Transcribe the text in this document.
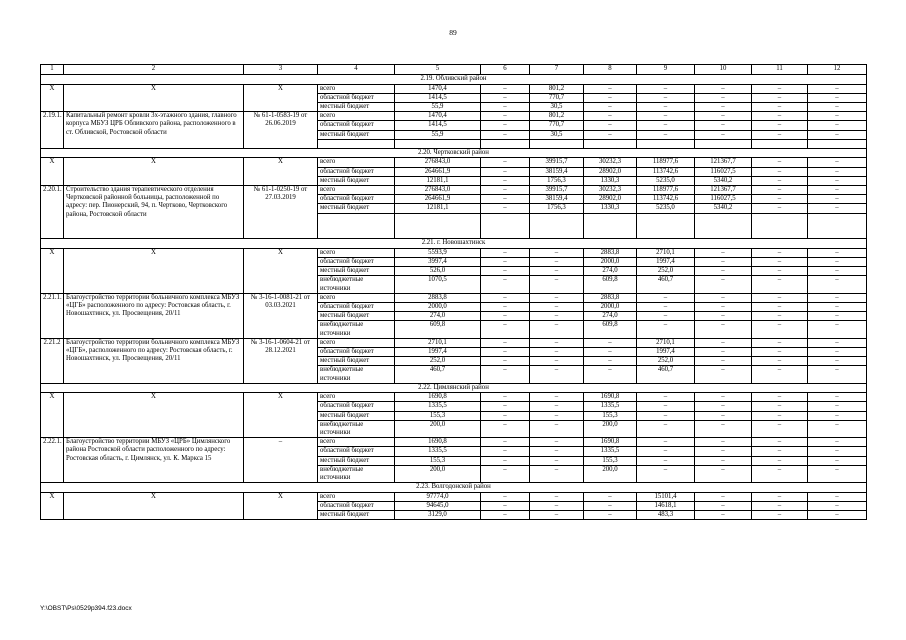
89
1	2	3	4	5	6	7	8	9	10	11	12
2.19. Обливский район											
Х	Х	Х	всего	1470,4	–	801,2	–	–	–	–	–
			областной бюджет	1414,5	–	770,7	–	–	–	–	–
			местный бюджет	55,9	–	30,5	–	–	–	–	–
2.19.1.	Капитальный ремонт кровли 3х-этажного здания, главного корпуса МБУЗ ЦРБ Обливского района, расположенного в ст. Обливской, Ростовской области	№ 61-1-0583-19 от 26.06.2019	всего	1470,4	–	801,2	–	–	–	–	–
			областной бюджет	1414,5	–	770,7	–	–	–	–	–
			местный бюджет	55,9	–	30,5	–	–	–	–	–

2.20. Чертковский район											
Х	Х	Х	всего	276843,0	–	39915,7	30232,3	118977,6	121367,7	–	–
			областной бюджет	264661,9	–	38159,4	28902,0	113742,6	116027,5	–	–
			местный бюджет	12181,1	–	1756,3	1330,3	5235,0	5340,2	–	–
2.20.1.	Строительство здания терапевтического отделения Чертковской районной больницы, расположенной по адресу: пер. Пионерский, 94, п. Чертково, Чертковского района, Ростовской области	№ 61-1-0250-19 от 27.03.2019	всего	276843,0	–	39915,7	30232,3	118977,6	121367,7	–	–
			областной бюджет	264661,9	–	38159,4	28902,0	113742,6	116027,5	–	–
			местный бюджет	12181,1	–	1756,3	1330,3	5235,0	5340,2	–	–

2.21. г. Новошахтинск											
Х	Х	Х	всего	5593,9	–	–	2883,8	2710,1	–	–	–
			областной бюджет	3997,4	–	–	2000,0	1997,4	–	–	–
			местный бюджет	526,0	–	–	274,0	252,0	–	–	–
			внебюджетные источники	1070,5	–	–	609,8	460,7	–	–	–
2.21.1.	Благоустройство территории больничного комплекса МБУЗ «ЦГБ» расположенного по адресу: Ростовская область, г. Новошахтинск, ул. Просвещения, 20/11	№ 3-16-1-0081-21 от 03.03.2021	всего	2883,8	–	–	2883,8	–	–	–	–
			областной бюджет	2000,0	–	–	2000,0	–	–	–	–
			местный бюджет	274,0	–	–	274,0	–	–	–	–
			внебюджетные источники	609,8	–	–	609,8	–	–	–	–
2.21.2	Благоустройство территории больничного комплекса МБУЗ «ЦГБ», расположенного по адресу: Ростовская область, г. Новошахтинск, ул. Просвещения, 20/11	№ 3-16-1-0604-21 от 28.12.2021	всего	2710,1	–	–	–	2710,1	–	–	–
			областной бюджет	1997,4	–	–	–	1997,4	–	–	–
			местный бюджет	252,0	–	–	–	252,0	–	–	–
			внебюджетные источники	460,7	–	–	–	460,7	–	–	–
2.22. Цимлянский район											
Х	Х	Х	всего	1690,8	–	–	1690,8	–	–	–	–
			областной бюджет	1335,5	–	–	1335,5	–	–	–	–
			местный бюджет	155,3	–	–	155,3	–	–	–	–
			внебюджетные источники	200,0	–	–	200,0	–	–	–	–
2.22.1.	Благоустройство территории МБУЗ «ЦРБ» Цимлянского района Ростовской области расположенного по адресу: Ростовская область, г. Цимлянск, ул. К. Маркса 15	–	всего	1690,8	–	–	1690,8	–	–	–	–
			областной бюджет	1335,5	–	–	1335,5	–	–	–	–
			местный бюджет	155,3	–	–	155,3	–	–	–	–
			внебюджетные источники	200,0	–	–	200,0	–	–	–	–
2.23. Волгодонской район											
Х	Х	Х	всего	97774,0	–	–	–	15101,4	–	–	–
			областной бюджет	94645,0	–	–	–	14618,1	–	–	–
			местный бюджет	3129,0	–	–	–	483,3	–	–	–
Y:\OBST\Ps\0529p394.f23.docx
